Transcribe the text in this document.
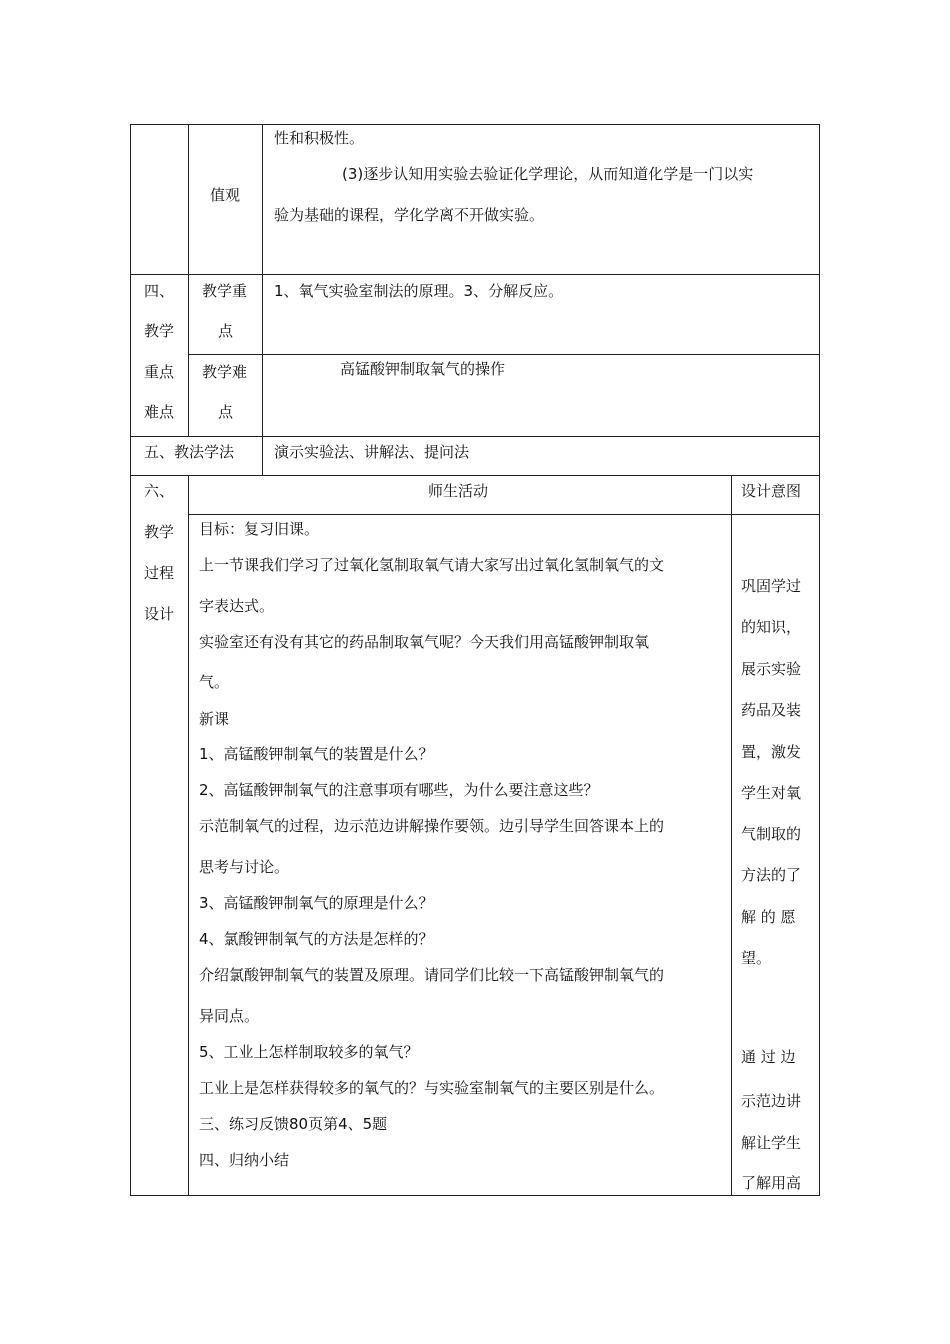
值观
性和积极性。
(3)逐步认知用实验去验证化学理论，从而知道化学是一门以实
验为基础的课程，学化学离不开做实验。
四、
教学
重点
难点
教学重
点
1、氧气实验室制法的原理。3、分解反应。
教学难
点
高锰酸钾制取氧气的操作
五、教法学法	演示实验法、讲解法、提问法
六、
教学
过程
设计
师生活动	设计意图
目标：复习旧课。
上一节课我们学习了过氧化氢制取氧气请大家写出过氧化氢制氧气的文
字表达式。
实验室还有没有其它的药品制取氧气呢？今天我们用高锰酸钾制取氧
气。
新课
1、高锰酸钾制氧气的装置是什么？
2、高锰酸钾制氧气的注意事项有哪些，为什么要注意这些？
示范制氧气的过程，边示范边讲解操作要领。边引导学生回答课本上的
思考与讨论。
3、高锰酸钾制氧气的原理是什么？
4、氯酸钾制氧气的方法是怎样的？
介绍氯酸钾制氧气的装置及原理。请同学们比较一下高锰酸钾制氧气的
异同点。
5、工业上怎样制取较多的氧气？
工业上是怎样获得较多的氧气的？与实验室制氧气的主要区别是什么。
三、练习反馈80页第4、5题
四、归纳小结
巩固学过
的知识，
展示实验
药品及装
置，激发
学生对氧
气制取的
方法的了
解 的 愿
望。
通 过 边
示范边讲
解让学生
了解用高
